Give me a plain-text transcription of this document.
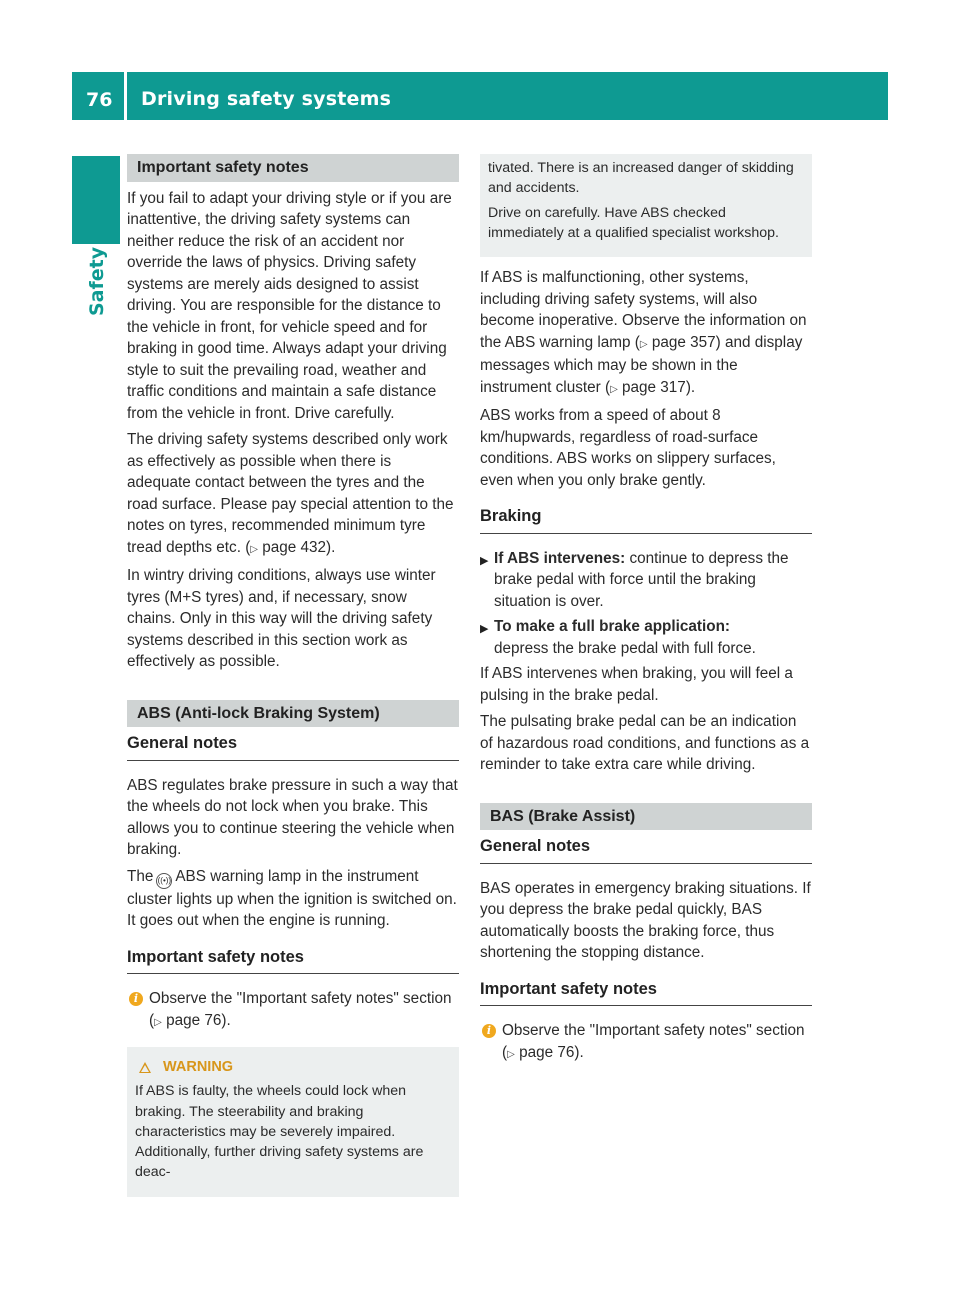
76 Driving safety systems
Safety
Important safety notes

If you fail to adapt your driving style or if you are inattentive, the driving safety systems can neither reduce the risk of an accident nor override the laws of physics. Driving safety systems are merely aids designed to assist driving. You are responsible for the distance to the vehicle in front, for vehicle speed and for braking in good time. Always adapt your driving style to suit the prevailing road, weather and traffic conditions and maintain a safe distance from the vehicle in front. Drive carefully.

The driving safety systems described only work as effectively as possible when there is adequate contact between the tyres and the road surface. Please pay special attention to the notes on tyres, recommended minimum tyre tread depths etc. (▷ page 432).

In wintry driving conditions, always use winter tyres (M+S tyres) and, if necessary, snow chains. Only in this way will the driving safety systems described in this section work as effectively as possible.

ABS (Anti-lock Braking System)
General notes

ABS regulates brake pressure in such a way that the wheels do not lock when you brake. This allows you to continue steering the vehicle when braking.

The ((•)) ABS warning lamp in the instrument cluster lights up when the ignition is switched on. It goes out when the engine is running.

Important safety notes
i Observe the "Important safety notes" section (▷ page 76).
WARNING

If ABS is faulty, the wheels could lock when braking. The steerability and braking characteristics may be severely impaired. Additionally, further driving safety systems are deac-

tivated. There is an increased danger of skidding and accidents.

Drive on carefully. Have ABS checked immediately at a qualified specialist workshop.

If ABS is malfunctioning, other systems, including driving safety systems, will also become inoperative. Observe the information on the ABS warning lamp (▷ page 357) and display messages which may be shown in the instrument cluster (▷ page 317).

ABS works from a speed of about 8 km/hupwards, regardless of road-surface conditions. ABS works on slippery surfaces, even when you only brake gently.

Braking
▶ If ABS intervenes: continue to depress the brake pedal with force until the braking situation is over.
▶ To make a full brake application:
depress the brake pedal with full force.

If ABS intervenes when braking, you will feel a pulsing in the brake pedal.

The pulsating brake pedal can be an indication of hazardous road conditions, and functions as a reminder to take extra care while driving.

BAS (Brake Assist)
General notes

BAS operates in emergency braking situations. If you depress the brake pedal quickly, BAS automatically boosts the braking force, thus shortening the stopping distance.

Important safety notes
i Observe the "Important safety notes" section (▷ page 76).
